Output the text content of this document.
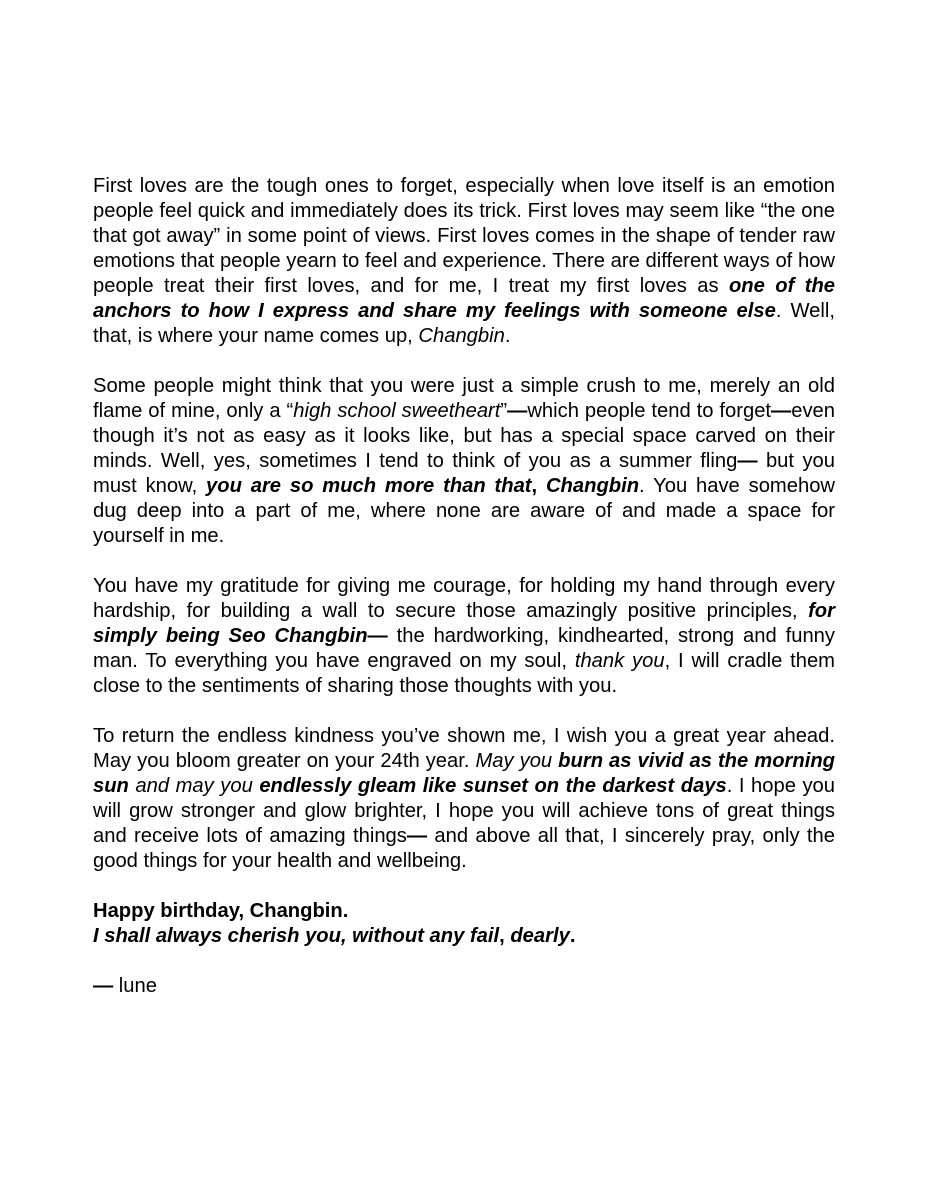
First loves are the tough ones to forget, especially when love itself is an emotion people feel quick and immediately does its trick. First loves may seem like “the one that got away” in some point of views. First loves comes in the shape of tender raw emotions that people yearn to feel and experience. There are different ways of how people treat their first loves, and for me, I treat my first loves as one of the anchors to how I express and share my feelings with someone else. Well, that, is where your name comes up, Changbin.

Some people might think that you were just a simple crush to me, merely an old flame of mine, only a “high school sweetheart”—which people tend to forget—even though it’s not as easy as it looks like, but has a special space carved on their minds. Well, yes, sometimes I tend to think of you as a summer fling— but you must know, you are so much more than that, Changbin. You have somehow dug deep into a part of me, where none are aware of and made a space for yourself in me.

You have my gratitude for giving me courage, for holding my hand through every hardship, for building a wall to secure those amazingly positive principles, for simply being Seo Changbin— the hardworking, kindhearted, strong and funny man. To everything you have engraved on my soul, thank you, I will cradle them close to the sentiments of sharing those thoughts with you.

To return the endless kindness you’ve shown me, I wish you a great year ahead. May you bloom greater on your 24th year. May you burn as vivid as the morning sun and may you endlessly gleam like sunset on the darkest days. I hope you will grow stronger and glow brighter, I hope you will achieve tons of great things and receive lots of amazing things— and above all that, I sincerely pray, only the good things for your health and wellbeing.

Happy birthday, Changbin.
I shall always cherish you, without any fail, dearly.
— lune
